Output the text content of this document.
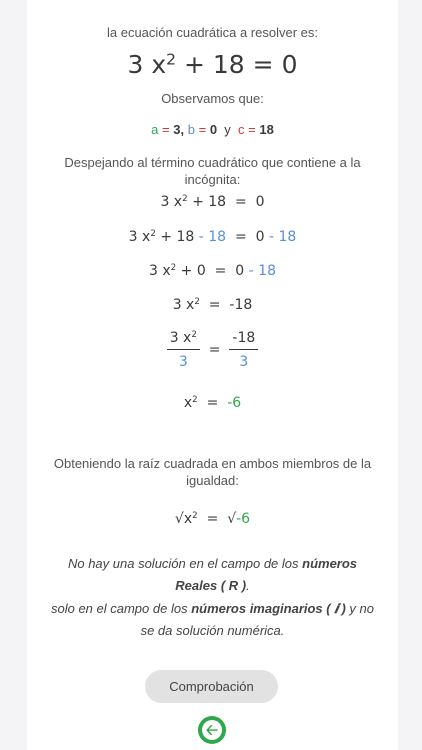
la ecuación cuadrática a resolver es:
3 $x^2 + 18 = 0$
Observamos que:
a = 3, b = 0 y c = 18
Despejando al término cuadrático que contiene a la
incógnita:
3 $x^2 + 18 = 0$
3 $x^2 + 18 - 18 = 0 - 18$
3 $x^2 + 0 = 0 - 18$
3 $x^2 = -18$
$\frac{3 x^2}{3} = \frac{-18}{3}$
$x^2 = -6$
Obteniendo la raíz cuadrada en ambos miembros de la
igualdad:
$√x^2 = √-6$
No hay una solución en el campo de los números
Reales ( R ).
solo en el campo de los números imaginarios ( 𝒊 ) y no
se da solución numérica.
Comprobación
🡠
